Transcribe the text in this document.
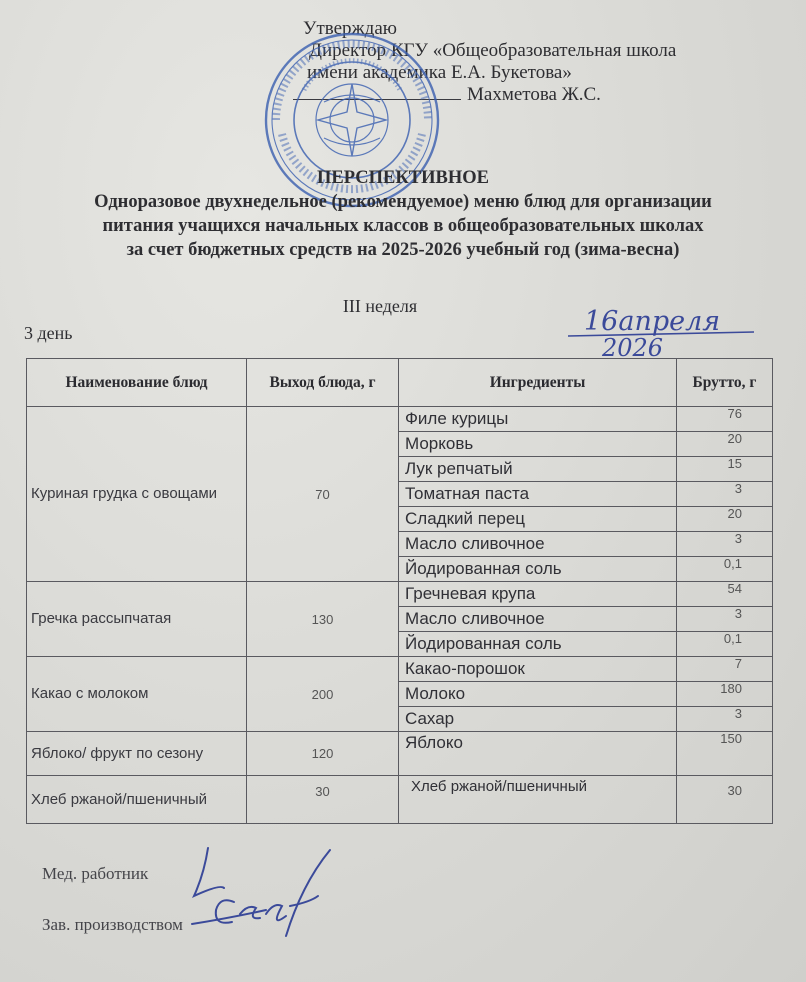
Утверждаю
Директор КГУ «Общеобразовательная школа
имени академика Е.А. Букетова»
Махметова Ж.С.
ПЕРСПЕКТИВНОЕ
Одноразовое двухнедельное (рекомендуемое) меню блюд для организации
питания учащихся начальных классов в общеобразовательных школах
за счет бюджетных средств на 2025-2026 учебный год (зима-весна)
III неделя
3 день	16апреля
2026
Наименование блюд	Выход блюда, г	Ингредиенты	Брутто, г
Куриная грудка с овощами	70	Филе курицы	76
		Морковь	20
		Лук репчатый	15
		Томатная паста	3
		Сладкий перец	20
		Масло сливочное	3
		Йодированная соль	0,1
Гречка рассыпчатая	130	Гречневая крупа	54
		Масло сливочное	3
		Йодированная соль	0,1
Какао с молоком	200	Какао-порошок	7
		Молоко	180
		Сахар	3
Яблоко/ фрукт по сезону	120	Яблоко	150
Хлеб ржаной/пшеничный	30	Хлеб ржаной/пшеничный	30
Мед. работник
Зав. производством
